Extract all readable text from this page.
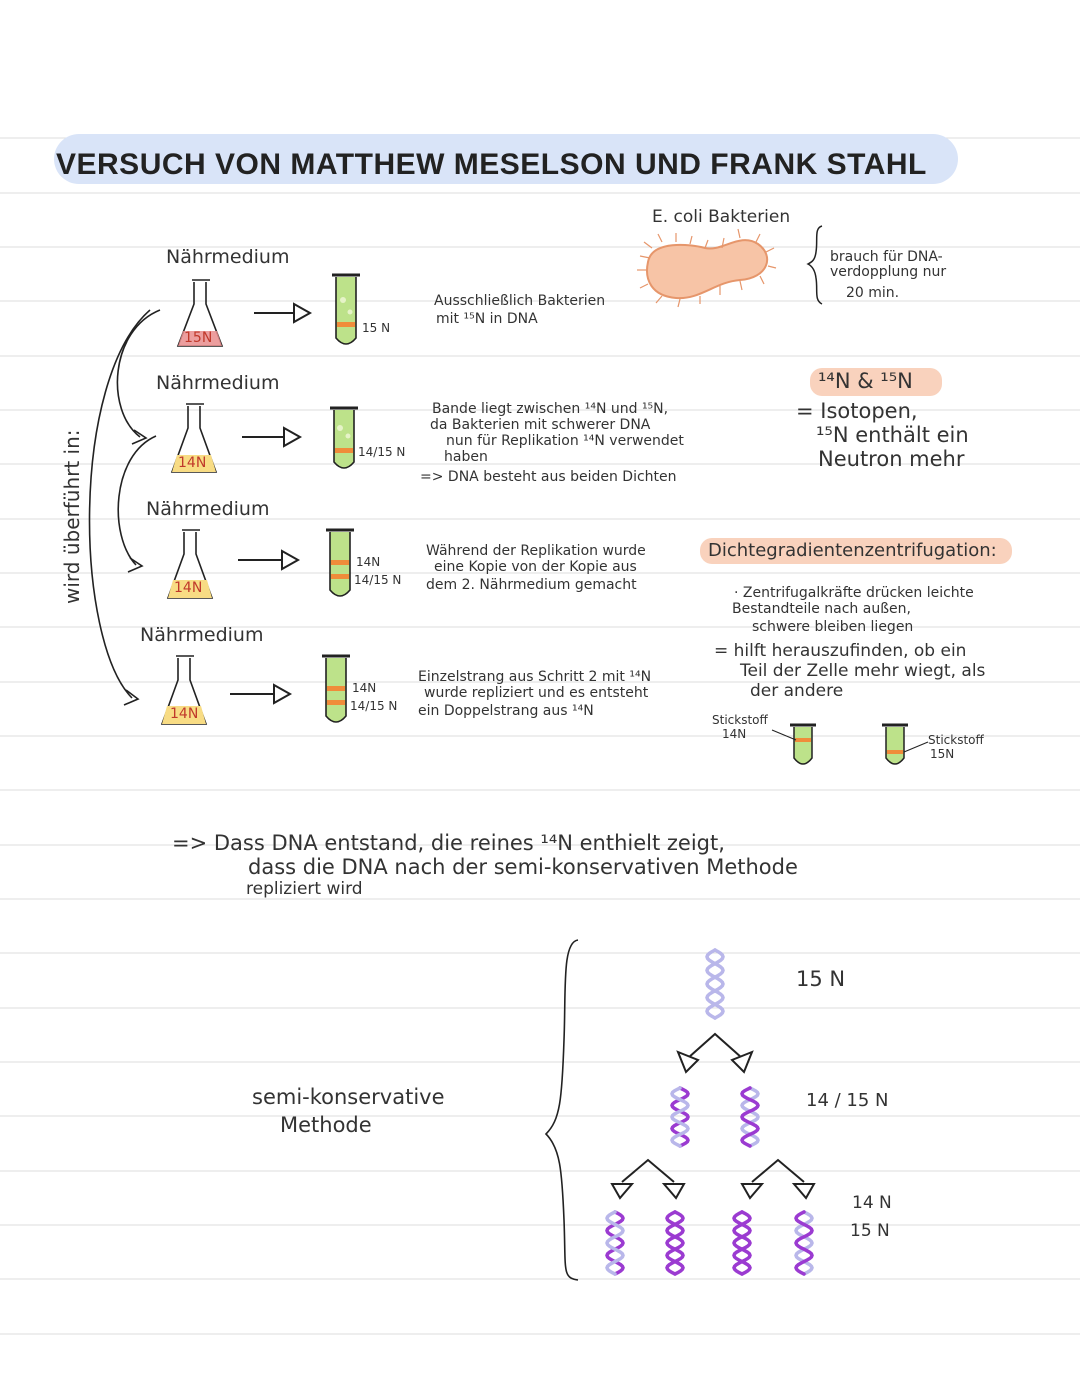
VERSUCH VON MATTHEW MESELSON UND FRANK STAHL
wird überführt in:
E. coli Bakterien
brauch für DNA-
verdopplung nur
20 min.
Nährmedium
15N
15 N
Ausschließlich Bakterien
mit ¹⁵N in DNA
Nährmedium
14N
14/15 N
Bande liegt zwischen ¹⁴N und ¹⁵N,
da Bakterien mit schwerer DNA
nun für Replikation ¹⁴N verwendet
haben
=> DNA besteht aus beiden Dichten
Nährmedium
14N
14N
14/15 N
Während der Replikation wurde
eine Kopie von der Kopie aus
dem 2. Nährmedium gemacht
Nährmedium
14N
14N
14/15 N
Einzelstrang aus Schritt 2 mit ¹⁴N
wurde repliziert und es entsteht
ein Doppelstrang aus ¹⁴N
¹⁴N & ¹⁵N
= Isotopen,
¹⁵N enthält ein
Neutron mehr
Dichtegradientenzentrifugation:
· Zentrifugalkräfte drücken leichte
Bestandteile nach außen,
schwere bleiben liegen
= hilft herauszufinden, ob ein
Teil der Zelle mehr wiegt, als
der andere
Stickstoff
14N	Stickstoff
15N
=> Dass DNA entstand, die reines ¹⁴N enthielt zeigt,
dass die DNA nach der semi-konservativen Methode
repliziert wird
semi-konservative
Methode
15 N
14 / 15 N
14 N
15 N
